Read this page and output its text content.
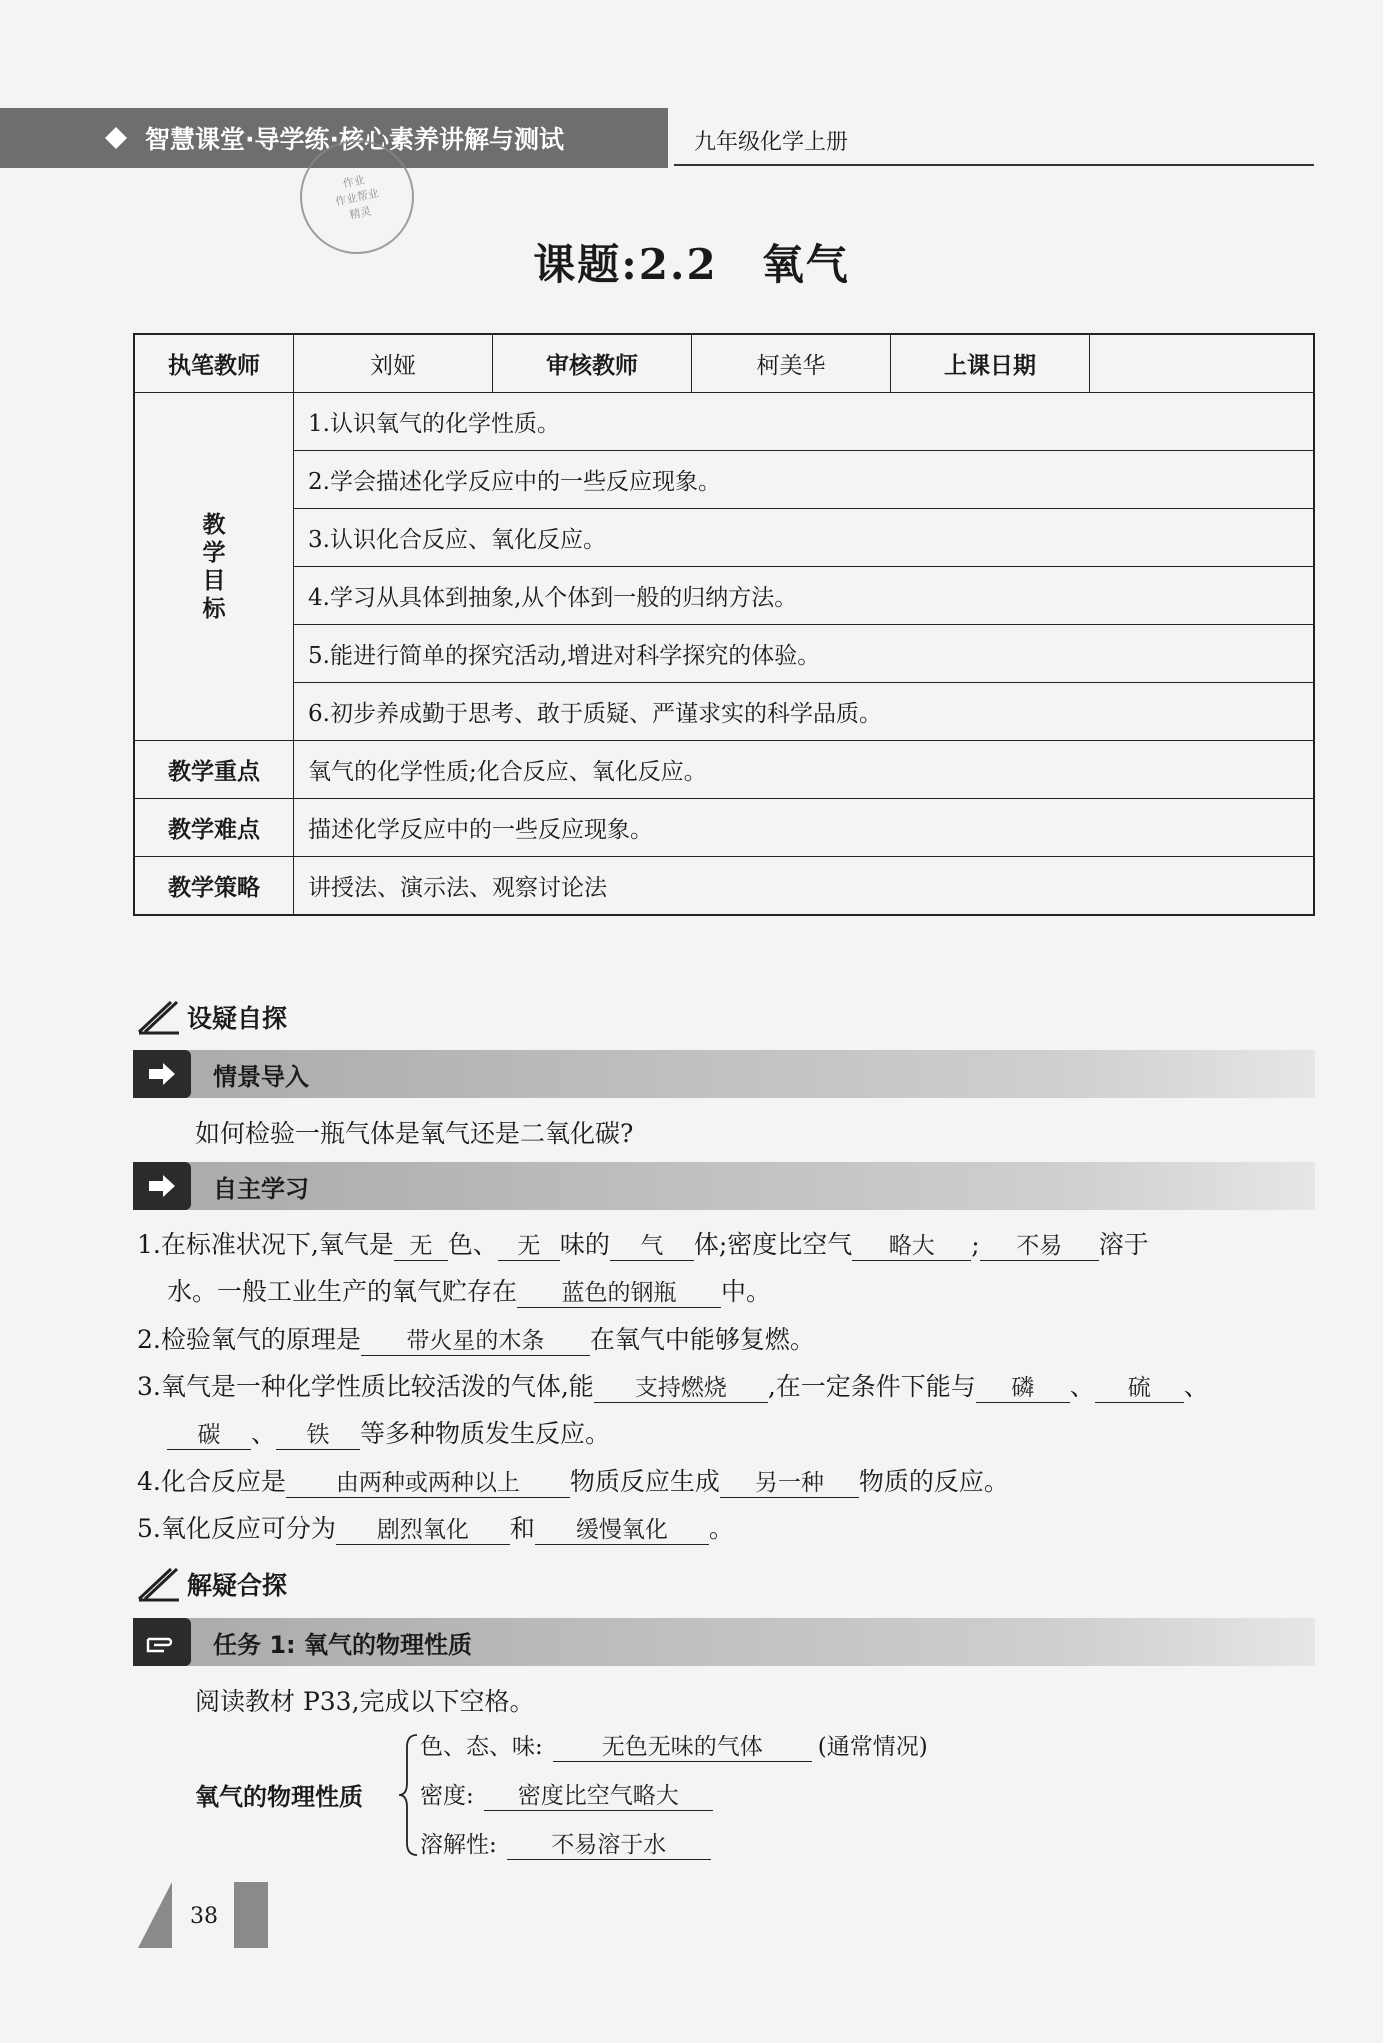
智慧课堂·导学练·核心素养讲解与测试	九年级化学上册
作业
作业帮业
精灵
课题:2.2　氧气
执笔教师	刘娅	审核教师	柯美华	上课日期	

教
学
目
标	1.认识氧气的化学性质。				
	2.学会描述化学反应中的一些反应现象。				
	3.认识化合反应、氧化反应。				
	4.学习从具体到抽象,从个体到一般的归纳方法。				
	5.能进行简单的探究活动,增进对科学探究的体验。				
	6.初步养成勤于思考、敢于质疑、严谨求实的科学品质。				
教学重点	氧气的化学性质;化合反应、氧化反应。				
教学难点	描述化学反应中的一些反应现象。				
教学策略	讲授法、演示法、观察讨论法				
设疑自探
情景导入
如何检验一瓶气体是氧气还是二氧化碳?
自主学习
1.在标准状况下,氧气是 无 色、 无 味的 气 体;密度比空气 略大 ; 不易 溶于
水。一般工业生产的氧气贮存在 蓝色的钢瓶 中。
2.检验氧气的原理是 带火星的木条 在氧气中能够复燃。
3.氧气是一种化学性质比较活泼的气体,能 支持燃烧 ,在一定条件下能与 磷 、 硫 、
碳 、 铁 等多种物质发生反应。
4.化合反应是 由两种或两种以上 物质反应生成 另一种 物质的反应。
5.氧化反应可分为 剧烈氧化 和 缓慢氧化 。
解疑合探
任务 1: 氧气的物理性质
阅读教材 P33,完成以下空格。
氧气的物理性质
色、态、味:	无色无味的气体 (通常情况)
密度: 密度比空气略大
溶解性: 不易溶于水
38
